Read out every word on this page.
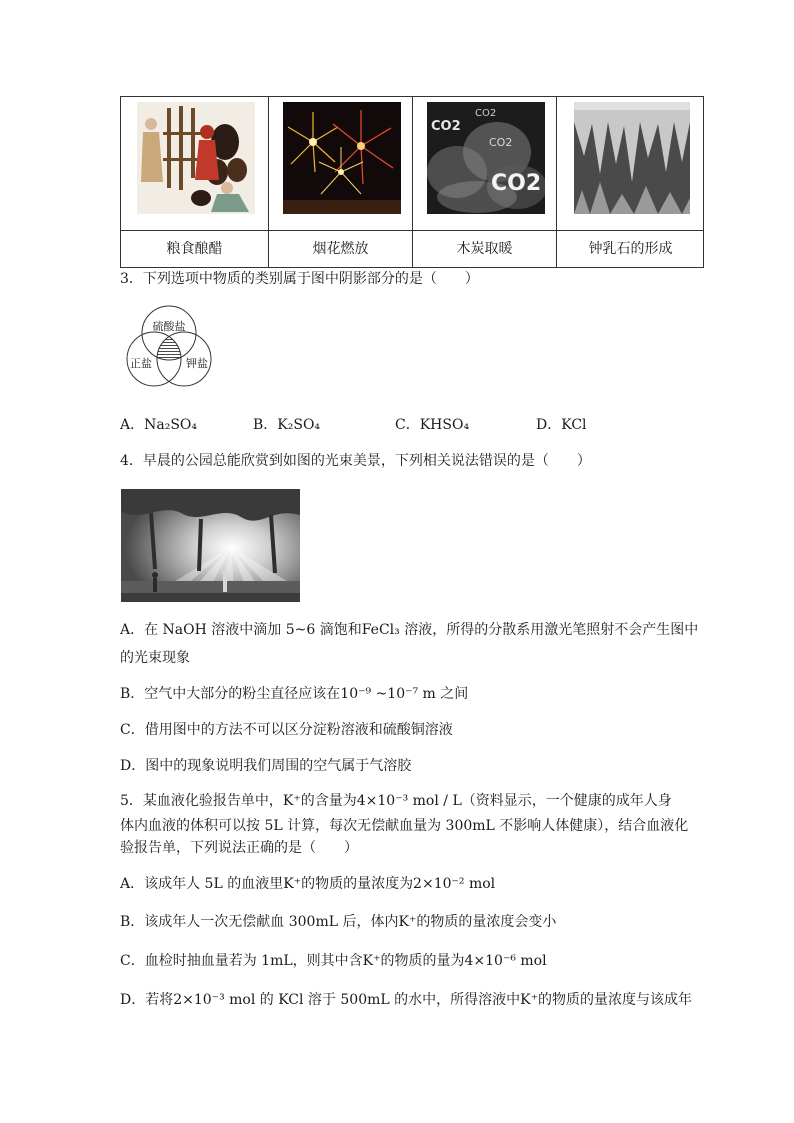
CO2
CO2
CO2
CO2
粮食酿醋	烟花燃放	木炭取暖	钟乳石的形成
3．下列选项中物质的类别属于图中阴影部分的是（　　）
硫酸盐
正盐	钾盐
A．Na₂SO₄	B．K₂SO₄	C．KHSO₄	D．KCl
4．早晨的公园总能欣赏到如图的光束美景，下列相关说法错误的是（　　）
A．在 NaOH 溶液中滴加 5~6 滴饱和FeCl₃ 溶液，所得的分散系用激光笔照射不会产生图中
的光束现象
B．空气中大部分的粉尘直径应该在10⁻⁹ ~10⁻⁷ m 之间
C．借用图中的方法不可以区分淀粉溶液和硫酸铜溶液
D．图中的现象说明我们周围的空气属于气溶胶
5．某血液化验报告单中，K⁺的含量为4×10⁻³ mol / L（资料显示，一个健康的成年人身
体内血液的体积可以按 5L 计算，每次无偿献血量为 300mL 不影响人体健康），结合血液化
验报告单，下列说法正确的是（　　）
A．该成年人 5L 的血液里K⁺的物质的量浓度为2×10⁻² mol
B．该成年人一次无偿献血 300mL 后，体内K⁺的物质的量浓度会变小
C．血检时抽血量若为 1mL，则其中含K⁺的物质的量为4×10⁻⁶ mol
D．若将2×10⁻³ mol 的 KCl 溶于 500mL 的水中，所得溶液中K⁺的物质的量浓度与该成年
